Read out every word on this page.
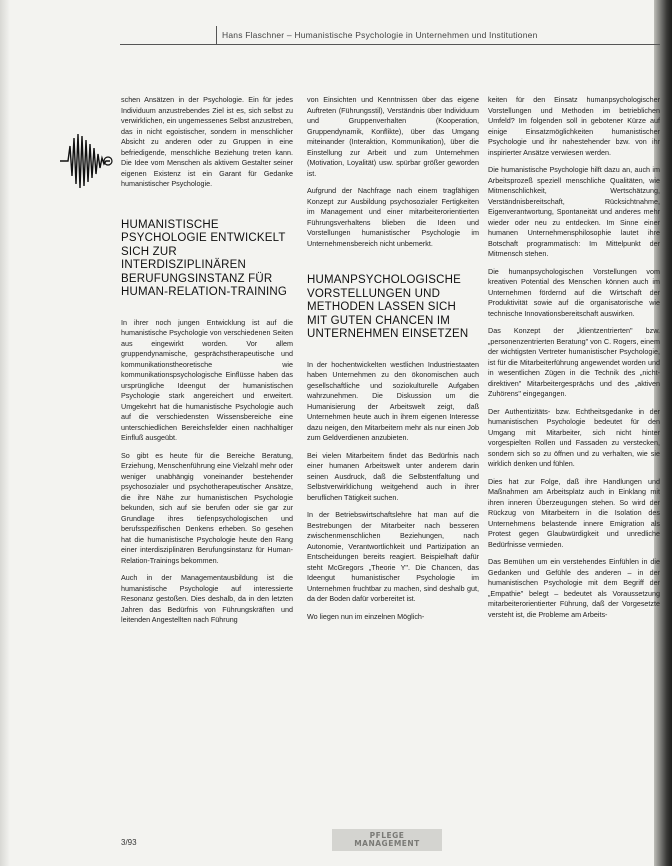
Hans Flaschner – Humanistische Psychologie in Unternehmen und Institutionen

schen Ansätzen in der Psychologie. Ein für jedes Individuum anzustrebendes Ziel ist es, sich selbst zu verwirklichen, ein ungemessenes Selbst anzustreben, das in nicht egoistischer, sondern in menschlicher Absicht zu anderen oder zu Gruppen in eine befriedigende, menschliche Beziehung treten kann. Die Idee vom Menschen als aktivem Gestalter seiner eigenen Existenz ist ein Garant für Gedanke humanistischer Psychologie.

HUMANISTISCHE PSYCHOLOGIE ENTWICKELT SICH ZUR INTERDISZIPLINÄREN BERUFUNGSINSTANZ FÜR HUMAN-RELATION-TRAINING

In ihrer noch jungen Entwicklung ist auf die humanistische Psychologie von verschiedenen Seiten aus eingewirkt worden. Vor allem gruppendynamische, gesprächstherapeutische und kommunikationstheoretische wie kommunikationspsychologische Einflüsse haben das ursprüngliche Ideengut der humanistischen Psychologie stark angereichert und erweitert. Umgekehrt hat die humanistische Psychologie auch auf die verschiedensten Wissensbereiche eine unterschiedlichen Bereichsfelder einen nachhaltiger Einfluß ausgeübt.

So gibt es heute für die Bereiche Beratung, Erziehung, Menschenführung eine Vielzahl mehr oder weniger unabhängig voneinander bestehender psychosozialer und psychotherapeutischer Ansätze, die ihre Nähe zur humanistischen Psychologie bekunden, sich auf sie berufen oder sie gar zur Grundlage ihres tiefenpsychologischen und berufsspezifischen Denkens erheben. So gesehen hat die humanistische Psychologie heute den Rang einer interdisziplinären Berufungsinstanz für Human-Relation-Trainings bekommen.

Auch in der Managementausbildung ist die humanistische Psychologie auf interessierte Resonanz gestoßen. Dies deshalb, da in den letzten Jahren das Bedürfnis von Führungskräften und leitenden Angestellten nach Führung

von Einsichten und Kenntnissen über das eigene Auftreten (Führungsstil), Verständnis über Individuum und Gruppenverhalten (Kooperation, Gruppendynamik, Konflikte), über das Umgang miteinander (Interaktion, Kommunikation), über die Einstellung zur Arbeit und zum Unternehmen (Motivation, Loyalität) usw. spürbar größer geworden ist.

Aufgrund der Nachfrage nach einem tragfähigen Konzept zur Ausbildung psychosozialer Fertigkeiten im Management und einer mitarbeiterorientierten Führungsverhaltens blieben die Ideen und Vorstellungen humanistischer Psychologie im Unternehmensbereich nicht unbemerkt.

HUMANPSYCHOLOGISCHE VORSTELLUNGEN UND METHODEN LASSEN SICH MIT GUTEN CHANCEN IM UNTERNEHMEN EINSETZEN

In der hochentwickelten westlichen Industriestaaten haben Unternehmen zu den ökonomischen auch gesellschaftliche und soziokulturelle Aufgaben wahrzunehmen. Die Diskussion um die Humanisierung der Arbeitswelt zeigt, daß Unternehmen heute auch in ihrem eigenen Interesse dazu neigen, den Mitarbeitern mehr als nur einen Job zum Geldverdienen anzubieten.

Bei vielen Mitarbeitern findet das Bedürfnis nach einer humanen Arbeitswelt unter anderem darin seinen Ausdruck, daß die Selbstentfaltung und Selbstverwirklichung weitgehend auch in ihrer beruflichen Tätigkeit suchen.

In der Betriebswirtschaftslehre hat man auf die Bestrebungen der Mitarbeiter nach besseren zwischenmenschlichen Beziehungen, nach Autonomie, Verantwortlichkeit und Partizipation an Entscheidungen bereits reagiert. Beispielhaft dafür steht McGregors „Theorie Y". Die Chancen, das Ideengut humanistischer Psychologie im Unternehmen fruchtbar zu machen, sind deshalb gut, da der Boden dafür vorbereitet ist.

Wo liegen nun im einzelnen Möglich-

keiten für den Einsatz humanpsychologischer Vorstellungen und Methoden im betrieblichen Umfeld? Im folgenden soll in gebotener Kürze auf einige Einsatzmöglichkeiten humanistischer Psychologie und ihr nahestehender bzw. von ihr inspirierter Ansätze verwiesen werden.

Die humanistische Psychologie hilft dazu an, auch im Arbeitsprozeß speziell menschliche Qualitäten, wie Mitmenschlichkeit, Wertschätzung, Verständnisbereitschaft, Rücksichtnahme, Eigenverantwortung, Spontaneität und anderes mehr wieder oder neu zu entdecken. Im Sinne einer humanen Unternehmensphilosophie lautet ihre Botschaft programmatisch: Im Mittelpunkt der Mitmensch stehen.

Die humanpsychologischen Vorstellungen vom kreativen Potential des Menschen können auch im Unternehmen fördernd auf die Wirtschaft der Produktivität sowie auf die organisatorische wie technische Innovationsbereitschaft auswirken.

Das Konzept der „klientzentrierten" bzw. „personenzentrierten Beratung" von C. Rogers, einem der wichtigsten Vertreter humanistischer Psychologie, ist für die Mitarbeiterführung angewendet worden und in wesentlichen Zügen in die Technik des „nicht-direktiven" Mitarbeitergesprächs und des „aktiven Zuhörens" eingegangen.

Der Authentizitäts- bzw. Echtheitsgedanke in der humanistischen Psychologie bedeutet für den Umgang mit Mitarbeiter, sich nicht hinter vorgespielten Rollen und Fassaden zu verstecken, sondern sich so zu öffnen und zu verhalten, wie sie wirklich denken und fühlen.

Dies hat zur Folge, daß ihre Handlungen und Maßnahmen am Arbeitsplatz auch in Einklang mit ihren inneren Überzeugungen stehen. So wird der Rückzug von Mitarbeitern in die Isolation des Unternehmens belastende innere Emigration als Protest gegen Glaubwürdigkeit und unredliche Bedürfnisse vermieden.

Das Bemühen um ein verstehendes Einfühlen in die Gedanken und Gefühle des anderen – in der humanistischen Psychologie mit dem Begriff der „Empathie" belegt – bedeutet als Voraussetzung mitarbeiterorientierter Führung, daß der Vorgesetzte versteht ist, die Probleme am Arbeits-

3/93
PFLEGE
MANAGEMENT
